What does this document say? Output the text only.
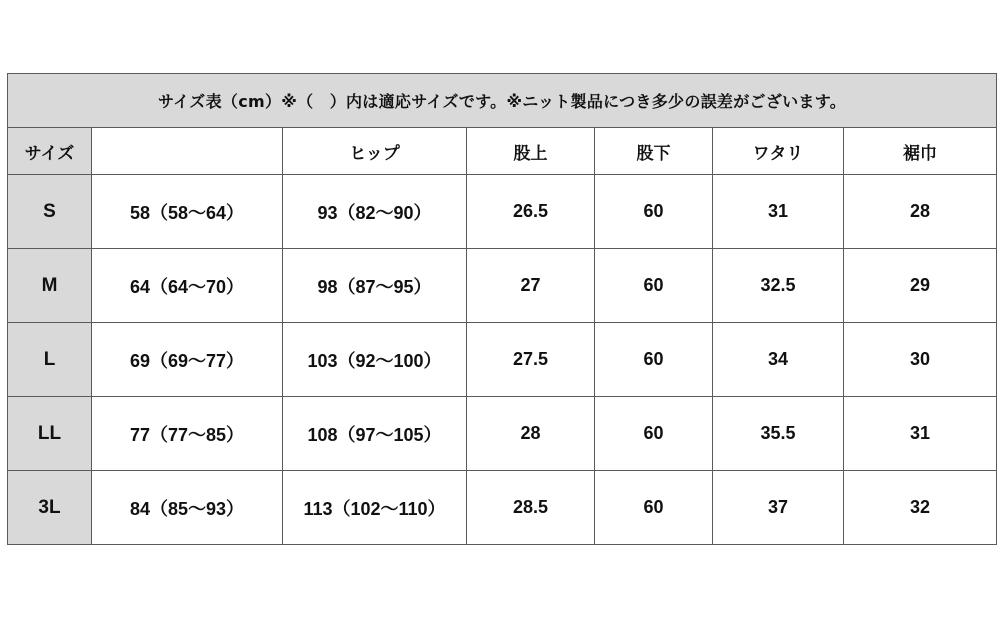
サイズ表（cm）※（　）内は適応サイズです。※ニット製品につき多少の誤差がございます。						
サイズ		ヒップ	股上	股下	ワタリ	裾巾
S	58（58～64）	93（82～90）	26.5	60	31	28
M	64（64～70）	98（87～95）	27	60	32.5	29
L	69（69～77）	103（92～100）	27.5	60	34	30
LL	77（77～85）	108（97～105）	28	60	35.5	31
3L	84（85～93）	113（102～110）	28.5	60	37	32
